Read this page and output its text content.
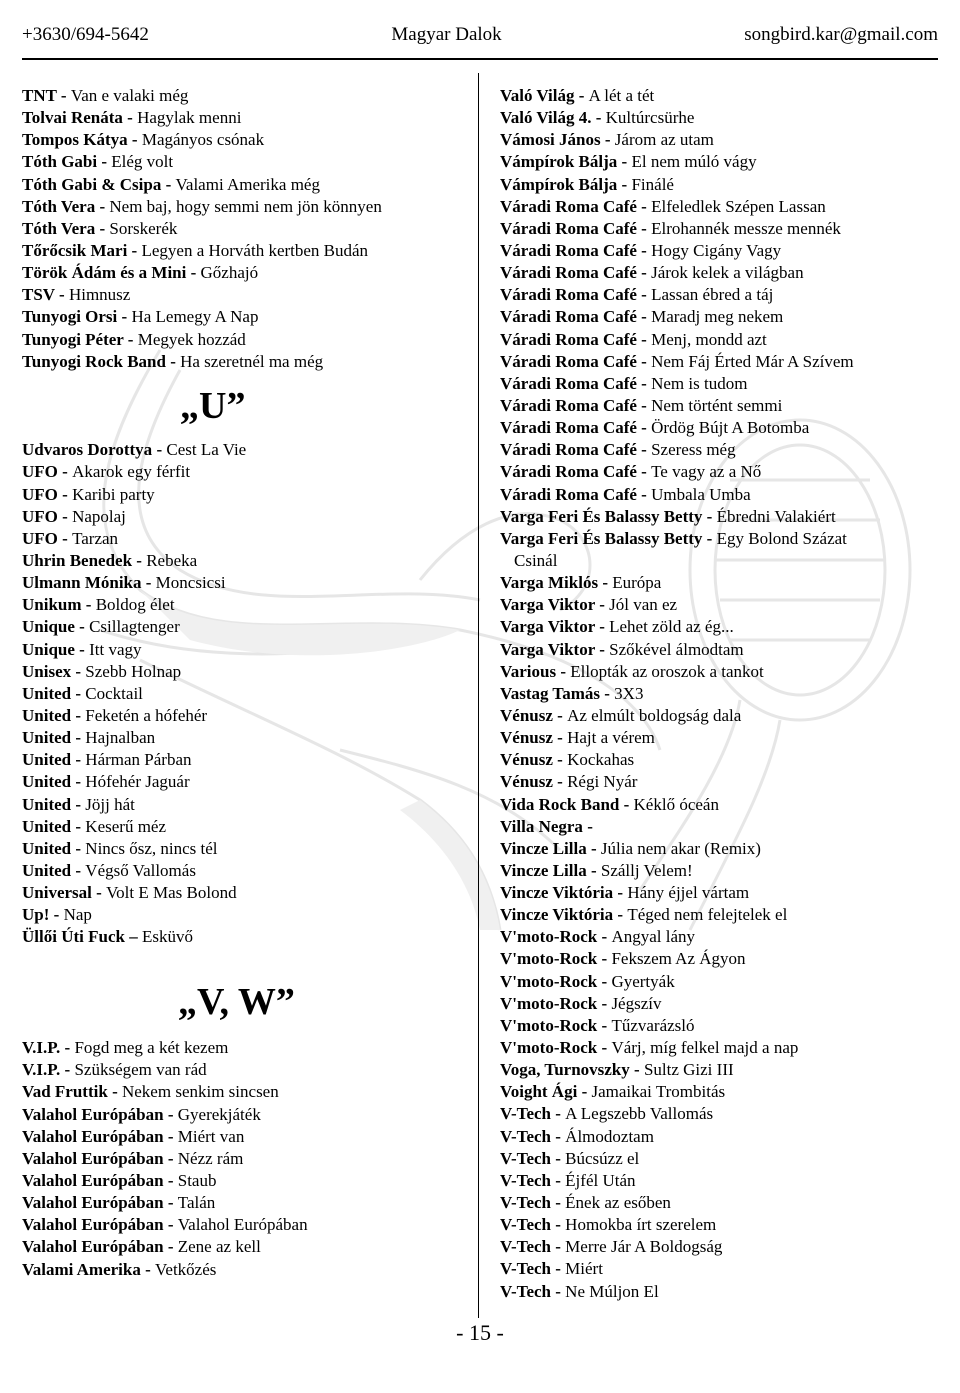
+3630/694-5642	Magyar Dalok	songbird.kar@gmail.com
TNT - Van e valaki még
Tolvai Renáta - Hagylak menni
Tompos Kátya - Magányos csónak
Tóth Gabi - Elég volt
Tóth Gabi & Csipa - Valami Amerika még
Tóth Vera - Nem baj, hogy semmi nem jön könnyen
Tóth Vera - Sorskerék
Tőrőcsik Mari - Legyen a Horváth kertben Budán
Török Ádám és a Mini - Gőzhajó
TSV - Himnusz
Tunyogi Orsi - Ha Lemegy A Nap
Tunyogi Péter - Megyek hozzád
Tunyogi Rock Band - Ha szeretnél ma még
„U”
Udvaros Dorottya - Cest La Vie
UFO - Akarok egy férfit
UFO - Karibi party
UFO - Napolaj
UFO - Tarzan
Uhrin Benedek - Rebeka
Ulmann Mónika - Moncsicsi
Unikum - Boldog élet
Unique - Csillagtenger
Unique - Itt vagy
Unisex - Szebb Holnap
United - Cocktail
United - Feketén a hófehér
United - Hajnalban
United - Hárman Párban
United - Hófehér Jaguár
United - Jöjj hát
United - Keserű méz
United - Nincs ősz, nincs tél
United - Végső Vallomás
Universal - Volt E Mas Bolond
Up! - Nap
Üllői Úti Fuck – Esküvő
„V, W”
V.I.P. - Fogd meg a két kezem
V.I.P. - Szükségem van rád
Vad Fruttik - Nekem senkim sincsen
Valahol Európában - Gyerekjáték
Valahol Európában - Miért van
Valahol Európában - Nézz rám
Valahol Európában - Staub
Valahol Európában - Talán
Valahol Európában - Valahol Európában
Valahol Európában - Zene az kell
Valami Amerika - Vetkőzés
Való Világ - A lét a tét
Való Világ 4. - Kultúrcsürhe
Vámosi János - Járom az utam
Vámpírok Bálja - El nem múló vágy
Vámpírok Bálja - Finálé
Váradi Roma Café - Elfeledlek Szépen Lassan
Váradi Roma Café - Elrohannék messze mennék
Váradi Roma Café - Hogy Cigány Vagy
Váradi Roma Café - Járok kelek a világban
Váradi Roma Café - Lassan ébred a táj
Váradi Roma Café - Maradj meg nekem
Váradi Roma Café - Menj, mondd azt
Váradi Roma Café - Nem Fáj Érted Már A Szívem
Váradi Roma Café - Nem is tudom
Váradi Roma Café - Nem történt semmi
Váradi Roma Café - Ördög Bújt A Botomba
Váradi Roma Café - Szeress még
Váradi Roma Café - Te vagy az a Nő
Váradi Roma Café - Umbala Umba
Varga Feri És Balassy Betty - Ébredni Valakiért
Varga Feri És Balassy Betty - Egy Bolond Százat
Csinál
Varga Miklós - Európa
Varga Viktor - Jól van ez
Varga Viktor - Lehet zöld az ég...
Varga Viktor - Szőkével álmodtam
Various - Ellopták az oroszok a tankot
Vastag Tamás - 3X3
Vénusz - Az elmúlt boldogság dala
Vénusz - Hajt a vérem
Vénusz - Kockahas
Vénusz - Régi Nyár
Vida Rock Band - Kéklő óceán
Villa Negra -
Vincze Lilla - Júlia nem akar (Remix)
Vincze Lilla - Szállj Velem!
Vincze Viktória - Hány éjjel vártam
Vincze Viktória - Téged nem felejtelek el
V'moto-Rock - Angyal lány
V'moto-Rock - Fekszem Az Ágyon
V'moto-Rock - Gyertyák
V'moto-Rock - Jégszív
V'moto-Rock - Tűzvarázsló
V'moto-Rock - Várj, míg felkel majd a nap
Voga, Turnovszky - Sultz Gizi III
Voight Ági - Jamaikai Trombitás
V-Tech - A Legszebb Vallomás
V-Tech - Álmodoztam
V-Tech - Búcsúzz el
V-Tech - Éjfél Után
V-Tech - Ének az esőben
V-Tech - Homokba írt szerelem
V-Tech - Merre Jár A Boldogság
V-Tech - Miért
V-Tech - Ne Múljon El
- 15 -
